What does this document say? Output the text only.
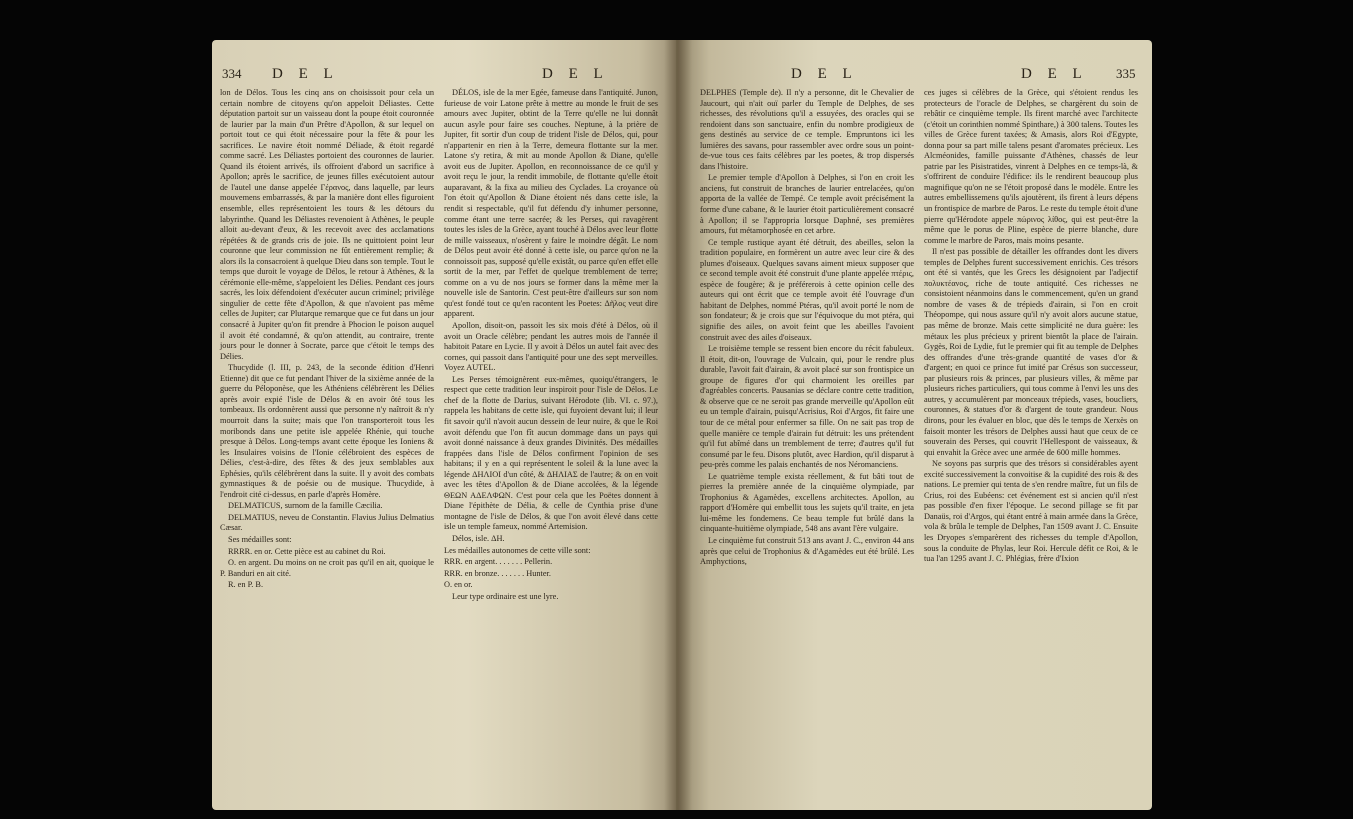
334 D E L	D E L

lon de Délos. Tous les cinq ans on choisissoit pour cela un certain nombre de citoyens qu'on appeloit Déliastes. Cette députation partoit sur un vaisseau dont la poupe étoit couronnée de laurier par la main d'un Prêtre d'Apollon, & sur lequel on portoit tout ce qui étoit nécessaire pour la fête & pour les sacrifices. Le navire étoit nommé Déliade, & étoit regardé comme sacré. Les Déliastes portoient des couronnes de laurier. Quand ils étoient arrivés, ils offroient d'abord un sacrifice à Apollon; après le sacrifice, de jeunes filles exécutoient autour de l'autel une danse appelée Γέρανος, dans laquelle, par leurs mouvemens embarrassés, & par la manière dont elles figuroient ensemble, elles représentoient les tours & les détours du labyrinthe. Quand les Déliastes revenoient à Athènes, le peuple alloit au-devant d'eux, & les recevoit avec des acclamations répétées & de grands cris de joie. Ils ne quittoient point leur couronne que leur commission ne fût entièrement remplie; & alors ils la consacroient à quelque Dieu dans son temple. Tout le temps que duroit le voyage de Délos, le retour à Athènes, & la cérémonie elle-même, s'appeloient les Délies. Pendant ces jours sacrés, les loix défendoient d'exécuter aucun criminel; privilège singulier de cette fête d'Apollon, & que n'avoient pas même celles de Jupiter; car Plutarque remarque que ce fut dans un jour consacré à Jupiter qu'on fit prendre à Phocion le poison auquel il avoit été condamné, & qu'on attendit, au contraire, trente jours pour le donner à Socrate, parce que c'étoit le temps des Délies.

Thucydide (l. III, p. 243, de la seconde édition d'Henri Etienne) dit que ce fut pendant l'hiver de la sixième année de la guerre du Péloponèse, que les Athéniens célébrèrent les Délies après avoir expié l'isle de Délos & en avoir ôté tous les tombeaux. Ils ordonnèrent aussi que personne n'y naîtroit & n'y mourroit dans la suite; mais que l'on transporteroit tous les moribonds dans une petite isle appelée Rhénie, qui touche presque à Délos. Long-temps avant cette époque les Ioniens & les Insulaires voisins de l'Ionie célébroient des espèces de Délies, c'est-à-dire, des fêtes & des jeux semblables aux Ephésies, qu'ils célébrèrent dans la suite. Il y avoit des combats gymnastiques & de poésie ou de musique. Thucydide, à l'endroit cité ci-dessus, en parle d'après Homère.

DELMATICUS, surnom de la famille Cæcilia.

DELMATIUS, neveu de Constantin. Flavius Julius Delmatius Cæsar.

Ses médailles sont:

RRRR. en or. Cette pièce est au cabinet du Roi.

O. en argent. Du moins on ne croit pas qu'il en ait, quoique le P. Banduri en ait cité.

R. en P. B.

DÉLOS, isle de la mer Egée, fameuse dans l'antiquité. Junon, furieuse de voir Latone prête à mettre au monde le fruit de ses amours avec Jupiter, obtint de la Terre qu'elle ne lui donnât aucun asyle pour faire ses couches. Neptune, à la prière de Jupiter, fit sortir d'un coup de trident l'isle de Délos, qui, pour n'appartenir en rien à la Terre, demeura flottante sur la mer. Latone s'y retira, & mit au monde Apollon & Diane, qu'elle avoit eus de Jupiter. Apollon, en reconnoissance de ce qu'il y avoit reçu le jour, la rendit immobile, de flottante qu'elle étoit auparavant, & la fixa au milieu des Cyclades. La croyance où l'on étoit qu'Apollon & Diane étoient nés dans cette isle, la rendit si respectable, qu'il fut défendu d'y inhumer personne, comme étant une terre sacrée; & les Perses, qui ravagèrent toutes les isles de la Grèce, ayant touché à Délos avec leur flotte de mille vaisseaux, n'osèrent y faire le moindre dégât. Le nom de Délos peut avoir été donné à cette isle, ou parce qu'on ne la connoissoit pas, supposé qu'elle existât, ou parce qu'en effet elle sortit de la mer, par l'effet de quelque tremblement de terre; comme on a vu de nos jours se former dans la même mer la nouvelle isle de Santorin. C'est peut-être d'ailleurs sur son nom qu'est fondé tout ce qu'en racontent les Poetes: Δῆλος veut dire apparent.

Apollon, disoit-on, passoit les six mois d'été à Délos, où il avoit un Oracle célèbre; pendant les autres mois de l'année il habitoit Patare en Lycie. Il y avoit à Délos un autel fait avec des cornes, qui passoit dans l'antiquité pour une des sept merveilles. Voyez AUTEL.

Les Perses témoignèrent eux-mêmes, quoiqu'étrangers, le respect que cette tradition leur inspiroit pour l'isle de Délos. Le chef de la flotte de Darius, suivant Hérodote (lib. VI. c. 97.), rappela les habitans de cette isle, qui fuyoient devant lui; il leur fit savoir qu'il n'avoit aucun dessein de leur nuire, & que le Roi avoit défendu que l'on fît aucun dommage dans un pays qui avoit donné naissance à deux grandes Divinités. Des médailles frappées dans l'isle de Délos confirment l'opinion de ses habitans; il y en a qui représentent le soleil & la lune avec la légende ΔΗΛΙΟΙ d'un côté, & ΔΗΛΙΑΣ de l'autre; & on en voit avec les têtes d'Apollon & de Diane accolées, & la légende ΘΕΩΝ ΑΔΕΛΦΩΝ. C'est pour cela que les Poëtes donnent à Diane l'épithète de Délia, & celle de Cynthia prise d'une montagne de l'isle de Délos, & que l'on avoit élevé dans cette isle un temple fameux, nommé Artemision.

Délos, isle. ΔΗ.

Les médailles autonomes de cette ville sont:

RRR. en argent. . . . . . . Pellerin.

RRR. en bronze. . . . . . . Hunter.

O. en or.

Leur type ordinaire est une lyre.

D E L	D E L 335

DELPHES (Temple de). Il n'y a personne, dit le Chevalier de Jaucourt, qui n'ait ouï parler du Temple de Delphes, de ses richesses, des révolutions qu'il a essuyées, des oracles qui se rendoient dans son sanctuaire, enfin du nombre prodigieux de gens destinés au service de ce temple. Empruntons ici les lumières des savans, pour rassembler avec ordre sous un point-de-vue tous ces faits célèbres par les poetes, & trop dispersés dans l'histoire.

Le premier temple d'Apollon à Delphes, si l'on en croit les anciens, fut construit de branches de laurier entrelacées, qu'on apporta de la vallée de Tempé. Ce temple avoit précisément la forme d'une cabane, & le laurier étoit particulièrement consacré à Apollon; il se l'appropria lorsque Daphné, ses premières amours, fut métamorphosée en cet arbre.

Ce temple rustique ayant été détruit, des abeilles, selon la tradition populaire, en formèrent un autre avec leur cire & des plumes d'oiseaux. Quelques savans aiment mieux supposer que ce second temple avoit été construit d'une plante appelée πτέρις, espèce de fougère; & je préférerois à cette opinion celle des auteurs qui ont écrit que ce temple avoit été l'ouvrage d'un habitant de Delphes, nommé Ptéras, qu'il avoit porté le nom de son fondateur; & je crois que sur l'équivoque du mot ptéra, qui signifie des ailes, on avoit feint que les abeilles l'avoient construit avec des ailes d'oiseaux.

Le troisième temple se ressent bien encore du récit fabuleux. Il étoit, dit-on, l'ouvrage de Vulcain, qui, pour le rendre plus durable, l'avoit fait d'airain, & avoit placé sur son frontispice un groupe de figures d'or qui charmoient les oreilles par d'agréables concerts. Pausanias se déclare contre cette tradition, & observe que ce ne seroit pas grande merveille qu'Apollon eût eu un temple d'airain, puisqu'Acrisius, Roi d'Argos, fit faire une tour de ce métal pour enfermer sa fille. On ne sait pas trop de quelle manière ce temple d'airain fut détruit: les uns prétendent qu'il fut abîmé dans un tremblement de terre; d'autres qu'il fut consumé par le feu. Disons plutôt, avec Hardion, qu'il disparut à peu-près comme les palais enchantés de nos Néromanciens.

Le quatrième temple exista réellement, & fut bâti tout de pierres la première année de la cinquième olympiade, par Trophonius & Agamèdes, excellens architectes. Apollon, au rapport d'Homère qui embellit tous les sujets qu'il traite, en jeta lui-même les fondemens. Ce beau temple fut brûlé dans la cinquante-huitième olympiade, 548 ans avant l'ère vulgaire.

Le cinquième fut construit 513 ans avant J. C., environ 44 ans après que celui de Trophonius & d'Agamèdes eut été brûlé. Les Amphyctions,

ces juges si célèbres de la Grèce, qui s'étoient rendus les protecteurs de l'oracle de Delphes, se chargèrent du soin de rebâtir ce cinquième temple. Ils firent marché avec l'architecte (c'étoit un corinthien nommé Spinthare,) à 300 talens. Toutes les villes de Grèce furent taxées; & Amasis, alors Roi d'Egypte, donna pour sa part mille talens pesant d'aromates précieux. Les Alcméonides, famille puissante d'Athènes, chassés de leur patrie par les Pisistratides, vinrent à Delphes en ce temps-là, & s'offrirent de conduire l'édifice: ils le rendirent beaucoup plus magnifique qu'on ne se l'étoit proposé dans le modèle. Entre les autres embellissemens qu'ils ajoutèrent, ils firent à leurs dépens un frontispice de marbre de Paros. Le reste du temple étoit d'une pierre qu'Hérodote appele πώρινος λίθος, qui est peut-être la même que le porus de Pline, espèce de pierre blanche, dure comme le marbre de Paros, mais moins pesante.

Il n'est pas possible de détailler les offrandes dont les divers temples de Delphes furent successivement enrichis. Ces trésors ont été si vantés, que les Grecs les désignoient par l'adjectif πολυκτέανος, riche de toute antiquité. Ces richesses ne consistoient néanmoins dans le commencement, qu'en un grand nombre de vases & de trépieds d'airain, si l'on en croit Théopompe, qui nous assure qu'il n'y avoit alors aucune statue, pas même de bronze. Mais cette simplicité ne dura guère: les métaux les plus précieux y prirent bientôt la place de l'airain. Gygès, Roi de Lydie, fut le premier qui fit au temple de Delphes des offrandes d'une très-grande quantité de vases d'or & d'argent; en quoi ce prince fut imité par Crésus son successeur, par plusieurs rois & princes, par plusieurs villes, & même par plusieurs riches particuliers, qui tous comme à l'envi les uns des autres, y accumulèrent par monceaux trépieds, vases, boucliers, couronnes, & statues d'or & d'argent de toute grandeur. Nous dirons, pour les évaluer en bloc, que dès le temps de Xerxès on faisoit monter les trésors de Delphes aussi haut que ceux de ce souverain des Perses, qui couvrit l'Hellespont de vaisseaux, & qui envahit la Grèce avec une armée de 600 mille hommes.

Ne soyons pas surpris que des trésors si considérables ayent excité successivement la convoitise & la cupidité des rois & des nations. Le premier qui tenta de s'en rendre maître, fut un fils de Crius, roi des Eubéens: cet événement est si ancien qu'il n'est pas possible d'en fixer l'époque. Le second pillage se fit par Danaüs, roi d'Argos, qui étant entré à main armée dans la Grèce, vola & brûla le temple de Delphes, l'an 1509 avant J. C. Ensuite les Dryopes s'emparèrent des richesses du temple d'Apollon, sous la conduite de Phylas, leur Roi. Hercule défit ce Roi, & le tua l'an 1295 avant J. C. Phlégias, frère d'Ixion
